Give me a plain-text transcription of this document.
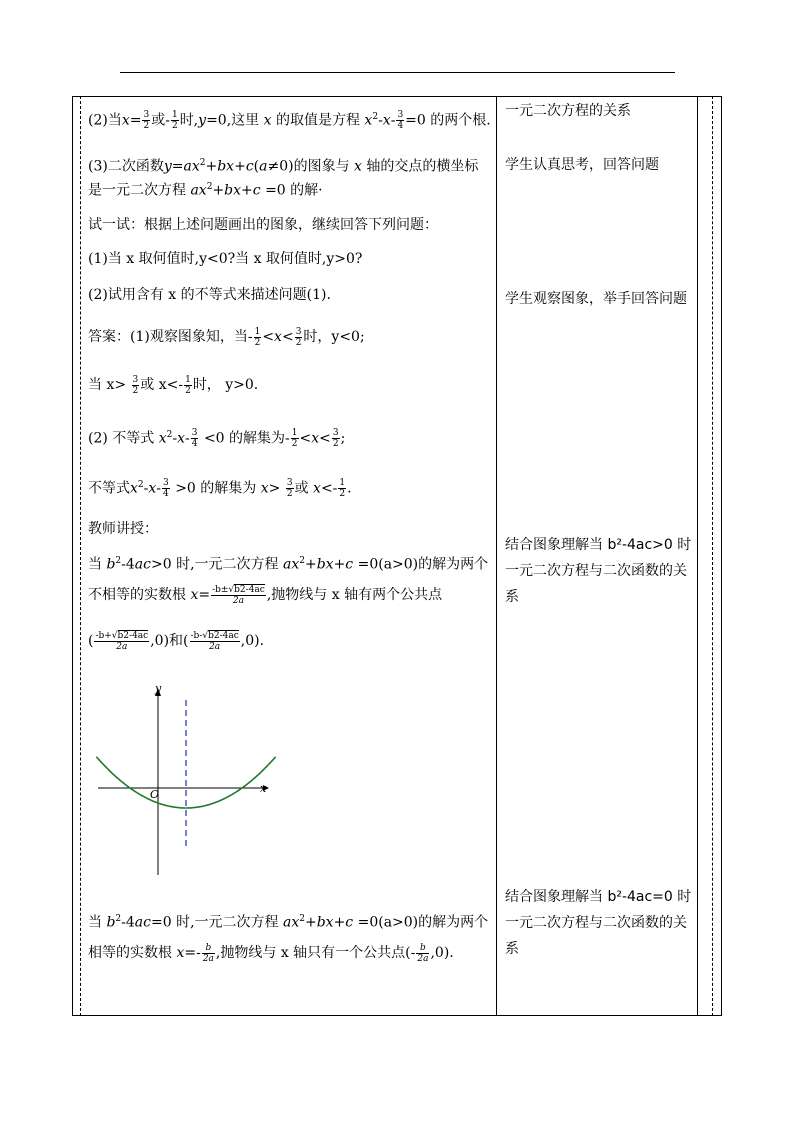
(2)当$x= \frac{3}{2}$ 或- $\frac{1}{2}$ 时,y=0,这里 x 的取值是方程 $x^2-x- \frac{3}{4} =0$ 的两个根.
(3)二次函数$y=ax^2+bx+c(a\ne 0)$的图象与 x 轴的交点的横坐标
是一元二次方程 $ax^2+bx+c =0$ 的解·
试一试：根据上述问题画出的图象，继续回答下列问题：
(1)当 x 取何值时,y<0?当 x 取何值时,y>0?
(2)试用含有 x 的不等式来描述问题(1).
答案：(1)观察图象知，当- $\frac{1}{2} <x< \frac{3}{2}$ 时，y<0;
当 $x> \frac{3}{2}$ 或 $x<- \frac{1}{2}$ 时， y>0.
(2) 不等式 $x^2-x- \frac{3}{4} <0$ 的解集为- $\frac{1}{2} <x< \frac{3}{2}$ ;
不等式$x^2-x- \frac{3}{4} >0$ 的解集为 $x> \frac{3}{2}$ 或 $x<- \frac{1}{2}$ .
教师讲授：
当 $b^2-4ac>0$ 时,一元二次方程 $ax^2+bx+c =0(a>0)$的解为两个
不相等的实数根 $x= \frac{-b\pm√b2-4ac}{2a}$ ,抛物线与 x 轴有两个公共点
( $\frac{-b+√b2-4ac}{2a} ,0$)和( $\frac{-b-√b2-4ac}{2a} ,0$).
x
y
O
当 $b^2-4ac=0$ 时,一元二次方程 $ax^2+bx+c =0(a>0)$的解为两个
相等的实数根 $x=- \frac{b}{2a}$ ,抛物线与 x 轴只有一个公共点(- $\frac{b}{2a} ,0$).
一元二次方程的关系
学生认真思考，回答问题
学生观察图象，举手回答问题
结合图象理解当 b²-4ac>0 时一元二次方程与二次函数的关系
结合图象理解当 b²-4ac=0 时一元二次方程与二次函数的关系
